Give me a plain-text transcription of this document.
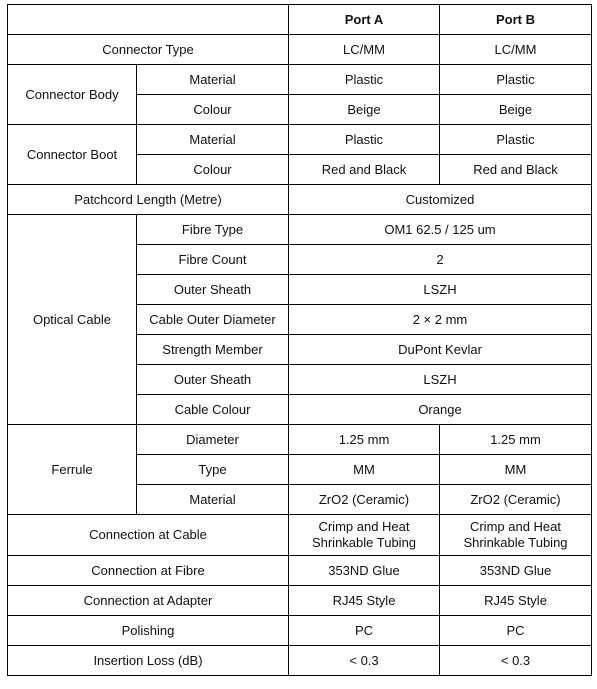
		Port A	Port B
Connector Type		LC/MM	LC/MM
Connector Body	Material	Plastic	Plastic
	Colour	Beige	Beige
Connector Boot	Material	Plastic	Plastic
	Colour	Red and Black	Red and Black
Patchcord Length (Metre)		Customized	
Optical Cable	Fibre Type	OM1 62.5 / 125 um	
	Fibre Count	2	
	Outer Sheath	LSZH	
	Cable Outer Diameter	2 × 2 mm	
	Strength Member	DuPont Kevlar	
	Outer Sheath	LSZH	
	Cable Colour	Orange	
Ferrule	Diameter	1.25 mm	1.25 mm
	Type	MM	MM
	Material	ZrO2 (Ceramic)	ZrO2 (Ceramic)
Connection at Cable		Crimp and Heat Shrinkable Tubing	Crimp and Heat Shrinkable Tubing
Connection at Fibre		353ND Glue	353ND Glue
Connection at Adapter		RJ45 Style	RJ45 Style
Polishing		PC	PC
Insertion Loss (dB)		< 0.3	< 0.3
